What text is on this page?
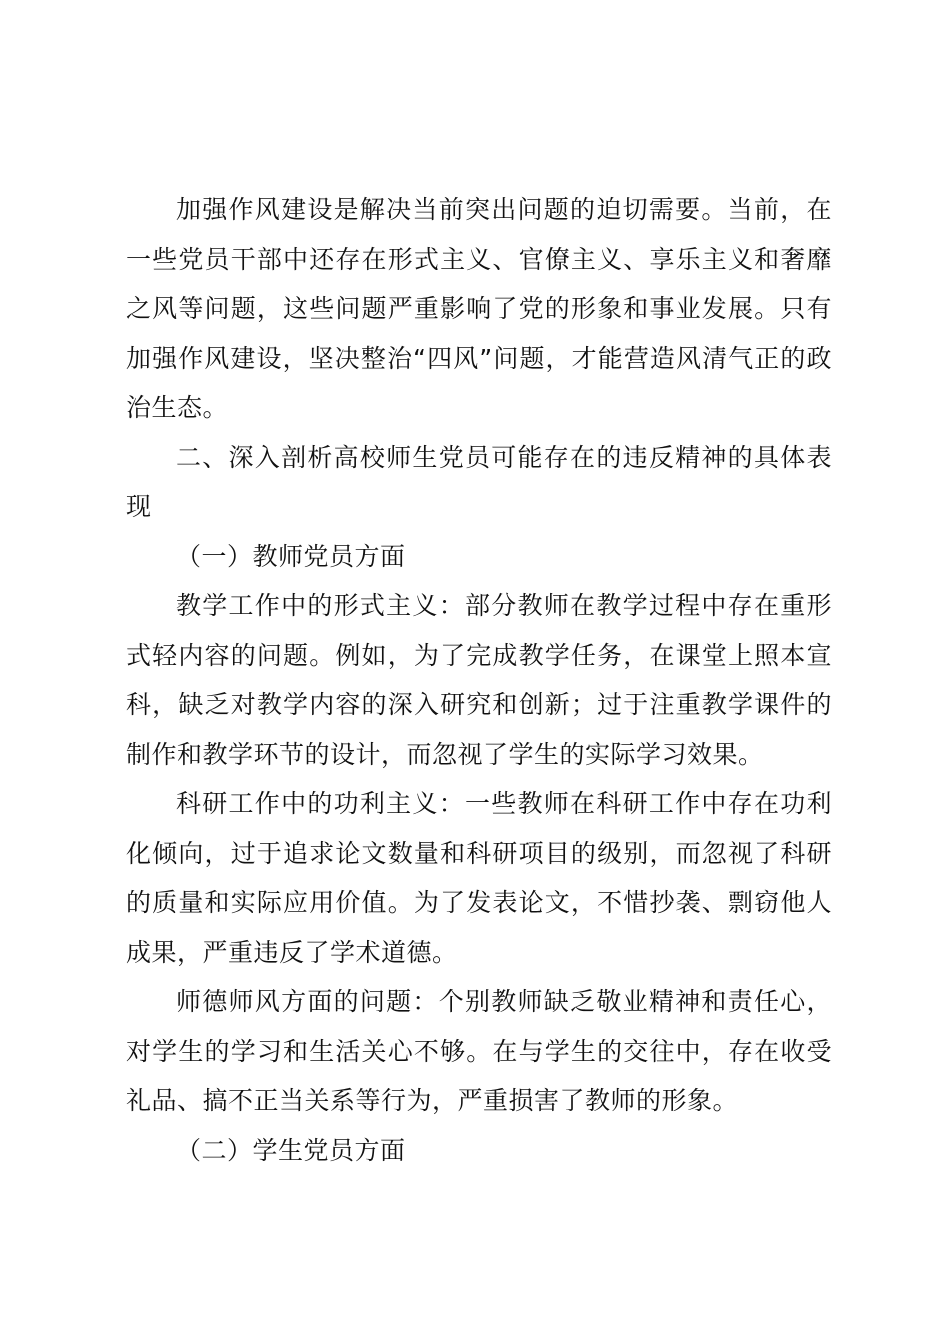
加强作风建设是解决当前突出问题的迫切需要。当前，在一些党员干部中还存在形式主义、官僚主义、享乐主义和奢靡之风等问题，这些问题严重影响了党的形象和事业发展。只有加强作风建设，坚决整治“四风”问题，才能营造风清气正的政治生态。

二、深入剖析高校师生党员可能存在的违反精神的具体表现

（一）教师党员方面

教学工作中的形式主义：部分教师在教学过程中存在重形式轻内容的问题。例如，为了完成教学任务，在课堂上照本宣科，缺乏对教学内容的深入研究和创新；过于注重教学课件的制作和教学环节的设计，而忽视了学生的实际学习效果。

科研工作中的功利主义：一些教师在科研工作中存在功利化倾向，过于追求论文数量和科研项目的级别，而忽视了科研的质量和实际应用价值。为了发表论文，不惜抄袭、剽窃他人成果，严重违反了学术道德。

师德师风方面的问题：个别教师缺乏敬业精神和责任心，对学生的学习和生活关心不够。在与学生的交往中，存在收受礼品、搞不正当关系等行为，严重损害了教师的形象。

（二）学生党员方面
